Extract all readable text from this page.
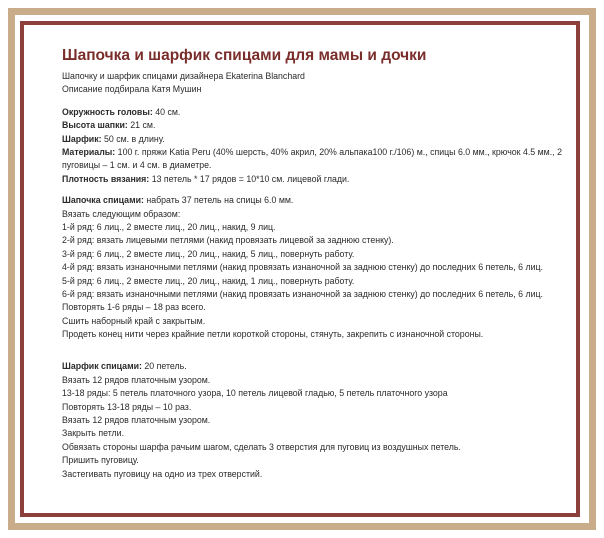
Шапочка и шарфик спицами для мамы и дочки

Шапочку и шарфик спицами дизайнера Ekaterina Blanchard

Описание подбирала Катя Мушин

Окружность головы: 40 см.

Высота шапки: 21 см.

Шарфик: 50 см. в длину.

Материалы: 100 г. пряжи Katia Peru (40% шерсть, 40% акрил, 20% альпака100 г./106) м., спицы 6.0 мм., крючок 4.5 мм., 2 пуговицы – 1 см. и 4 см. в диаметре.

Плотность вязания: 13 петель * 17 рядов = 10*10 см. лицевой глади.

Шапочка спицами: набрать 37 петель на спицы 6.0 мм.

Вязать следующим образом:

1-й ряд: 6 лиц., 2 вместе лиц., 20 лиц., накид, 9 лиц.

2-й ряд: вязать лицевыми петлями (накид провязать лицевой за заднюю стенку).

3-й ряд: 6 лиц., 2 вместе лиц., 20 лиц., накид, 5 лиц., повернуть работу.

4-й ряд: вязать изнаночными петлями (накид провязать изнаночной за заднюю стенку) до последних 6 петель, 6 лиц.

5-й ряд: 6 лиц., 2 вместе лиц., 20 лиц., накид, 1 лиц., повернуть работу.

6-й ряд: вязать изнаночными петлями (накид провязать изнаночной за заднюю стенку) до последних 6 петель, 6 лиц.

Повторять 1-6 ряды – 18 раз всего.

Сшить наборный край с закрытым.

Продеть конец нити через крайние петли короткой стороны, стянуть, закрепить с изнаночной стороны.

Шарфик спицами: 20 петель.

Вязать 12 рядов платочным узором.

13-18 ряды: 5 петель платочного узора, 10 петель лицевой гладью, 5 петель платочного узора

Повторять 13-18 ряды – 10 раз.

Вязать 12 рядов платочным узором.

Закрыть петли.

Обвязать стороны шарфа рачьим шагом, сделать 3 отверстия для пуговиц из воздушных петель.

Пришить пуговицу.

Застегивать пуговицу на одно из трех отверстий.
